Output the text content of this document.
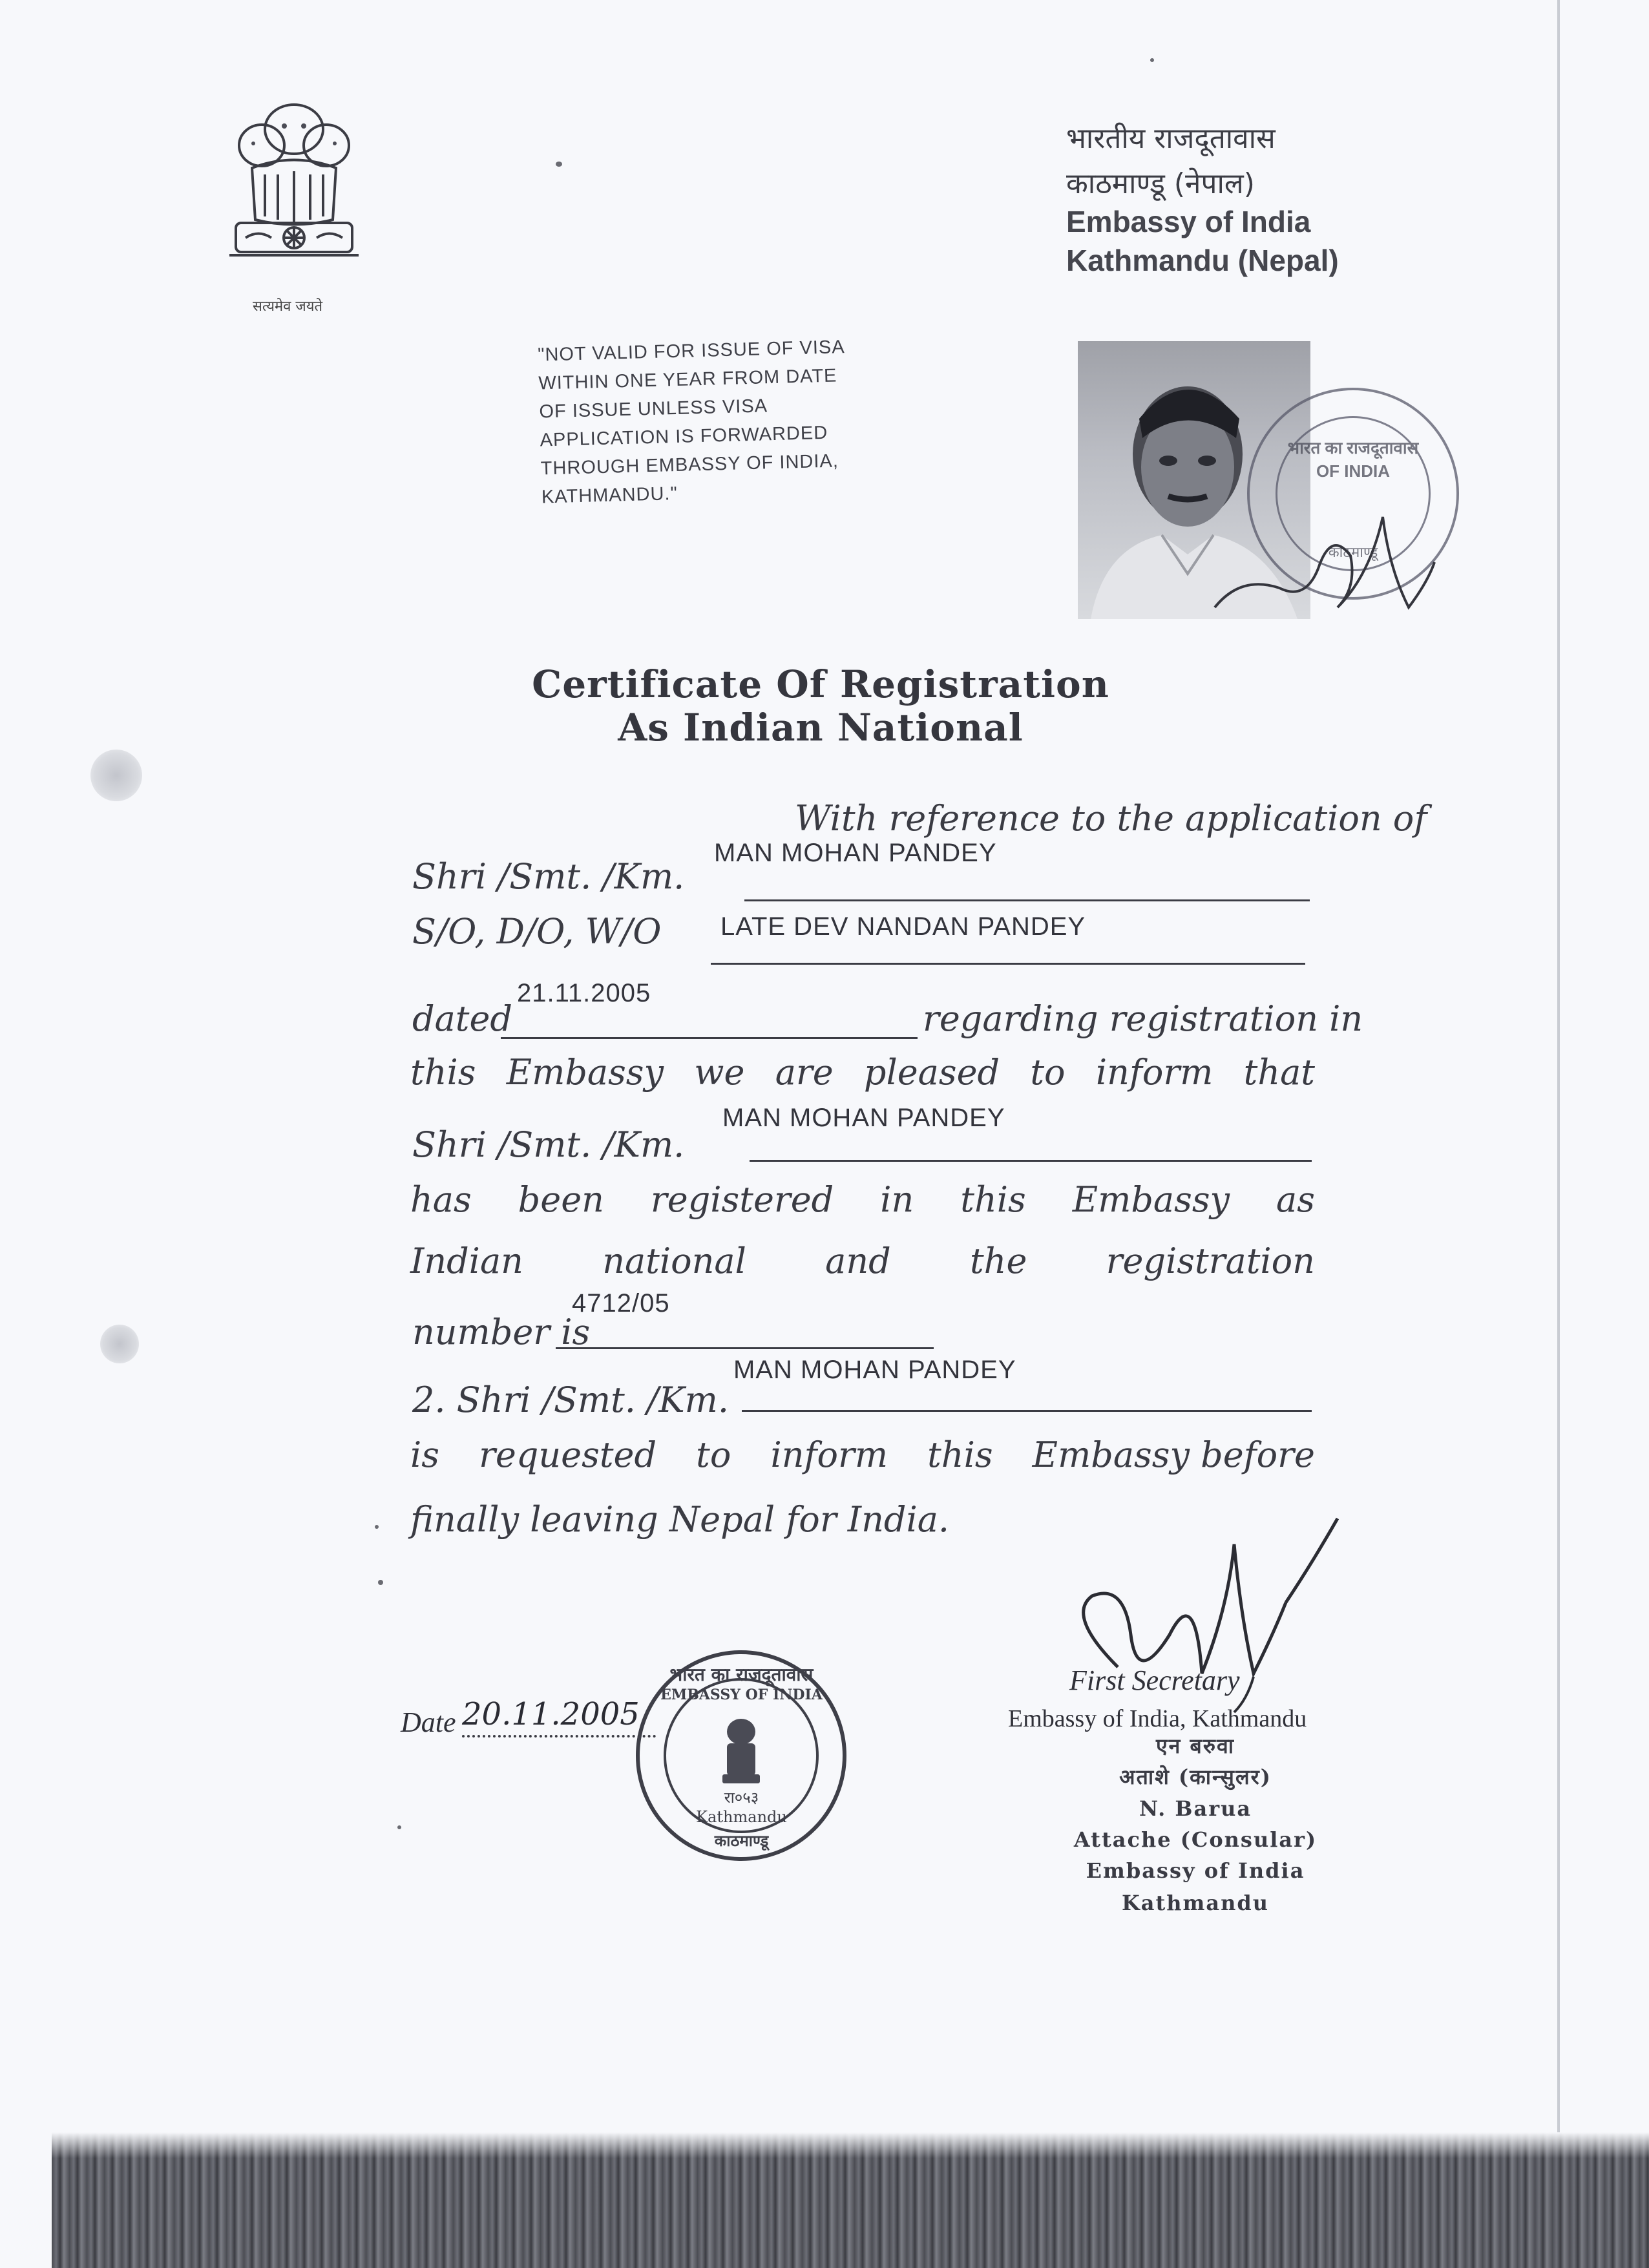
सत्यमेव जयते
भारतीय राजदूतावास
काठमाण्डू (नेपाल)
Embassy of India
Kathmandu (Nepal)
"NOT VALID FOR ISSUE OF VISA
WITHIN ONE YEAR FROM DATE
OF ISSUE UNLESS VISA
APPLICATION IS FORWARDED
THROUGH EMBASSY OF INDIA,
KATHMANDU."
भारत का राजदूतावास
OF INDIA
काठमाण्डू
Certificate Of Registration
As Indian National
With reference to the application of
Shri /Smt. /Km.
MAN MOHAN PANDEY
S/O, D/O, W/O LATE DEV NANDAN PANDEY
21.11.2005
dated	regarding registration in
this Embassy we are pleased to inform that
MAN MOHAN PANDEY
Shri /Smt. /Km.
has been registered in this Embassy as
Indian national and the registration
4712/05
number is
MAN MOHAN PANDEY
2. Shri /Smt. /Km.
is requested to inform this Embassy before
finally leaving Nepal for India.
First Secretary
Embassy of India, Kathmandu
एन बरुवा
अताशे (कान्सुलर)
N. Barua
Attache (Consular)
Embassy of India
Kathmandu
Date 20.11.2005
भारत का राजदूतावास
EMBASSY OF INDIA
रा०५३
Kathmandu
काठमाण्डू
